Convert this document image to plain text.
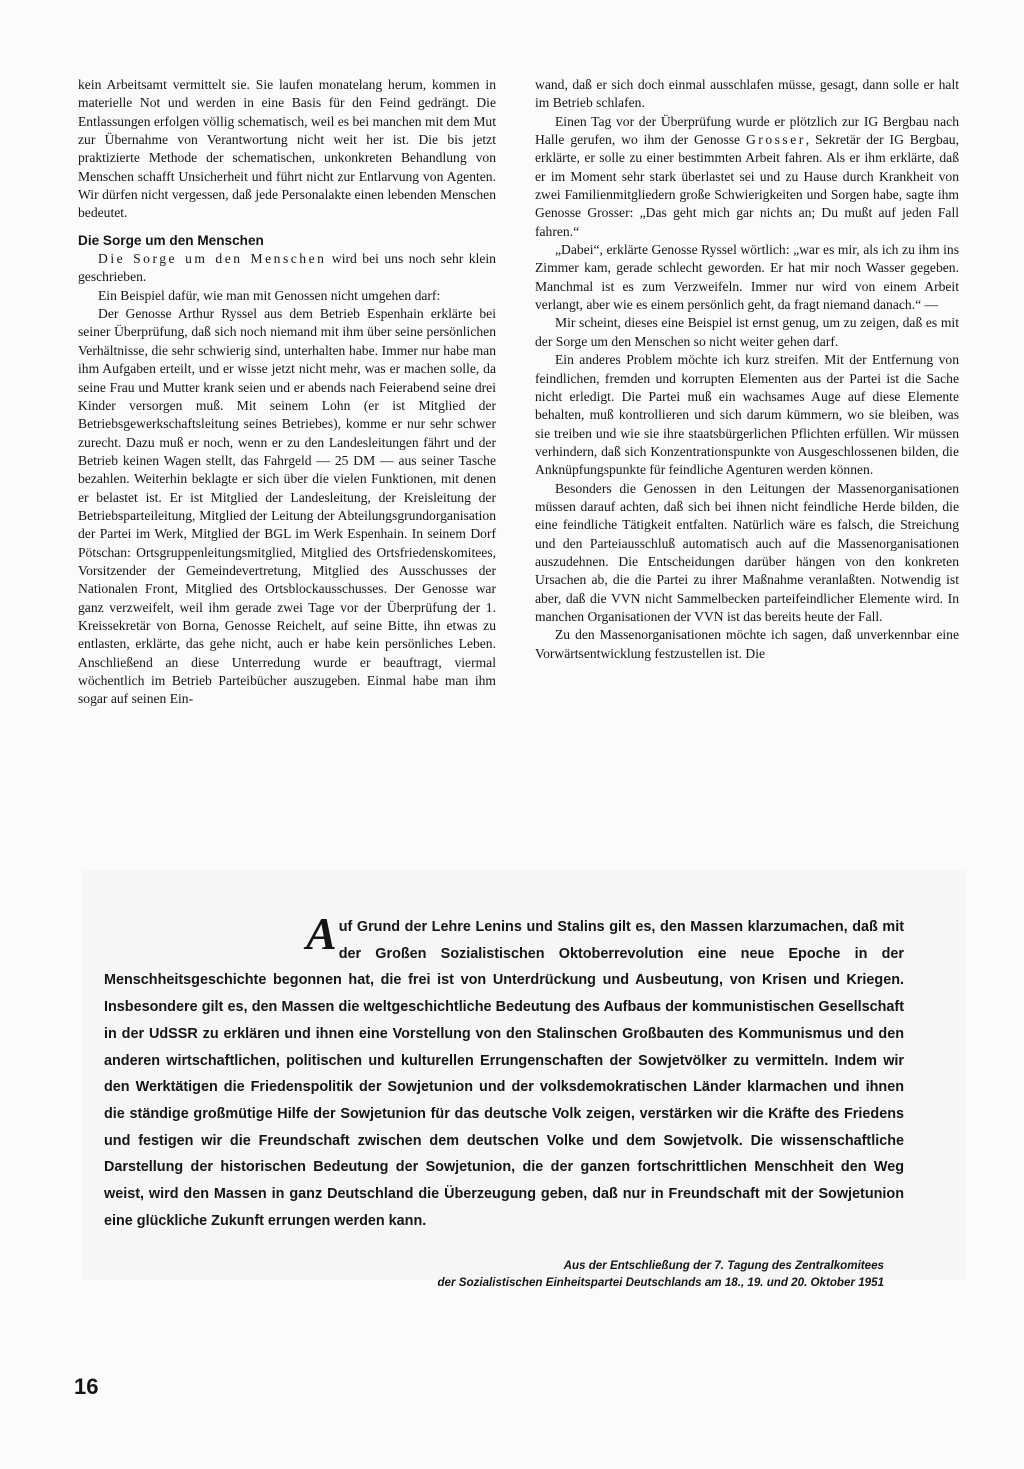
kein Arbeitsamt vermittelt sie. Sie laufen monatelang herum, kommen in materielle Not und werden in eine Basis für den Feind gedrängt. Die Entlassungen erfolgen völlig schematisch, weil es bei manchen mit dem Mut zur Übernahme von Verantwortung nicht weit her ist. Die bis jetzt praktizierte Methode der schematischen, unkonkreten Behandlung von Menschen schafft Unsicherheit und führt nicht zur Entlarvung von Agenten. Wir dürfen nicht vergessen, daß jede Personalakte einen lebenden Menschen bedeutet.

Die Sorge um den Menschen

Die Sorge um den Menschen wird bei uns noch sehr klein geschrieben.

Ein Beispiel dafür, wie man mit Genossen nicht umgehen darf:

Der Genosse Arthur Ryssel aus dem Betrieb Espenhain erklärte bei seiner Überprüfung, daß sich noch niemand mit ihm über seine persönlichen Verhältnisse, die sehr schwierig sind, unterhalten habe. Immer nur habe man ihm Aufgaben erteilt, und er wisse jetzt nicht mehr, was er machen solle, da seine Frau und Mutter krank seien und er abends nach Feierabend seine drei Kinder versorgen muß. Mit seinem Lohn (er ist Mitglied der Betriebsgewerkschaftsleitung seines Betriebes), komme er nur sehr schwer zurecht. Dazu muß er noch, wenn er zu den Landesleitungen fährt und der Betrieb keinen Wagen stellt, das Fahrgeld — 25 DM — aus seiner Tasche bezahlen. Weiterhin beklagte er sich über die vielen Funktionen, mit denen er belastet ist. Er ist Mitglied der Landesleitung, der Kreisleitung der Betriebsparteileitung, Mitglied der Leitung der Abteilungsgrundorganisation der Partei im Werk, Mitglied der BGL im Werk Espenhain. In seinem Dorf Pötschan: Ortsgruppenleitungsmitglied, Mitglied des Ortsfriedenskomitees, Vorsitzender der Gemeindevertretung, Mitglied des Ausschusses der Nationalen Front, Mitglied des Ortsblockausschusses. Der Genosse war ganz verzweifelt, weil ihm gerade zwei Tage vor der Überprüfung der 1. Kreissekretär von Borna, Genosse Reichelt, auf seine Bitte, ihn etwas zu entlasten, erklärte, das gehe nicht, auch er habe kein persönliches Leben. Anschließend an diese Unterredung wurde er beauftragt, viermal wöchentlich im Betrieb Parteibücher auszugeben. Einmal habe man ihm sogar auf seinen Ein-

wand, daß er sich doch einmal ausschlafen müsse, gesagt, dann solle er halt im Betrieb schlafen.

Einen Tag vor der Überprüfung wurde er plötzlich zur IG Bergbau nach Halle gerufen, wo ihm der Genosse Grosser, Sekretär der IG Bergbau, erklärte, er solle zu einer bestimmten Arbeit fahren. Als er ihm erklärte, daß er im Moment sehr stark überlastet sei und zu Hause durch Krankheit von zwei Familienmitgliedern große Schwierigkeiten und Sorgen habe, sagte ihm Genosse Grosser: „Das geht mich gar nichts an; Du mußt auf jeden Fall fahren.“

„Dabei“, erklärte Genosse Ryssel wörtlich: „war es mir, als ich zu ihm ins Zimmer kam, gerade schlecht geworden. Er hat mir noch Wasser gegeben. Manchmal ist es zum Verzweifeln. Immer nur wird von einem Arbeit verlangt, aber wie es einem persönlich geht, da fragt niemand danach.“ —

Mir scheint, dieses eine Beispiel ist ernst genug, um zu zeigen, daß es mit der Sorge um den Menschen so nicht weiter gehen darf.

Ein anderes Problem möchte ich kurz streifen. Mit der Entfernung von feindlichen, fremden und korrupten Elementen aus der Partei ist die Sache nicht erledigt. Die Partei muß ein wachsames Auge auf diese Elemente behalten, muß kontrollieren und sich darum kümmern, wo sie bleiben, was sie treiben und wie sie ihre staatsbürgerlichen Pflichten erfüllen. Wir müssen verhindern, daß sich Konzentrationspunkte von Ausgeschlossenen bilden, die Anknüpfungspunkte für feindliche Agenturen werden können.

Besonders die Genossen in den Leitungen der Massenorganisationen müssen darauf achten, daß sich bei ihnen nicht feindliche Herde bilden, die eine feindliche Tätigkeit entfalten. Natürlich wäre es falsch, die Streichung und den Parteiausschluß automatisch auch auf die Massenorganisationen auszudehnen. Die Entscheidungen darüber hängen von den konkreten Ursachen ab, die die Partei zu ihrer Maßnahme veranlaßten. Notwendig ist aber, daß die VVN nicht Sammelbecken parteifeindlicher Elemente wird. In manchen Organisationen der VVN ist das bereits heute der Fall.

Zu den Massenorganisationen möchte ich sagen, daß unverkennbar eine Vorwärtsentwicklung festzustellen ist. Die

Auf Grund der Lehre Lenins und Stalins gilt es, den Massen klarzumachen, daß mit der Großen Sozialistischen Oktoberrevolution eine neue Epoche in der Menschheitsgeschichte begonnen hat, die frei ist von Unterdrückung und Ausbeutung, von Krisen und Kriegen. Insbesondere gilt es, den Massen die weltgeschichtliche Bedeutung des Aufbaus der kommunistischen Gesellschaft in der UdSSR zu erklären und ihnen eine Vorstellung von den Stalinschen Großbauten des Kommunismus und den anderen wirtschaftlichen, politischen und kulturellen Errungenschaften der Sowjetvölker zu vermitteln. Indem wir den Werktätigen die Friedenspolitik der Sowjetunion und der volksdemokratischen Länder klarmachen und ihnen die ständige großmütige Hilfe der Sowjetunion für das deutsche Volk zeigen, verstärken wir die Kräfte des Friedens und festigen wir die Freundschaft zwischen dem deutschen Volke und dem Sowjetvolk. Die wissenschaftliche Darstellung der historischen Bedeutung der Sowjetunion, die der ganzen fortschrittlichen Menschheit den Weg weist, wird den Massen in ganz Deutschland die Überzeugung geben, daß nur in Freundschaft mit der Sowjetunion eine glückliche Zukunft errungen werden kann.
Aus der Entschließung der 7. Tagung des Zentralkomitees
der Sozialistischen Einheitspartei Deutschlands am 18., 19. und 20. Oktober 1951
16
